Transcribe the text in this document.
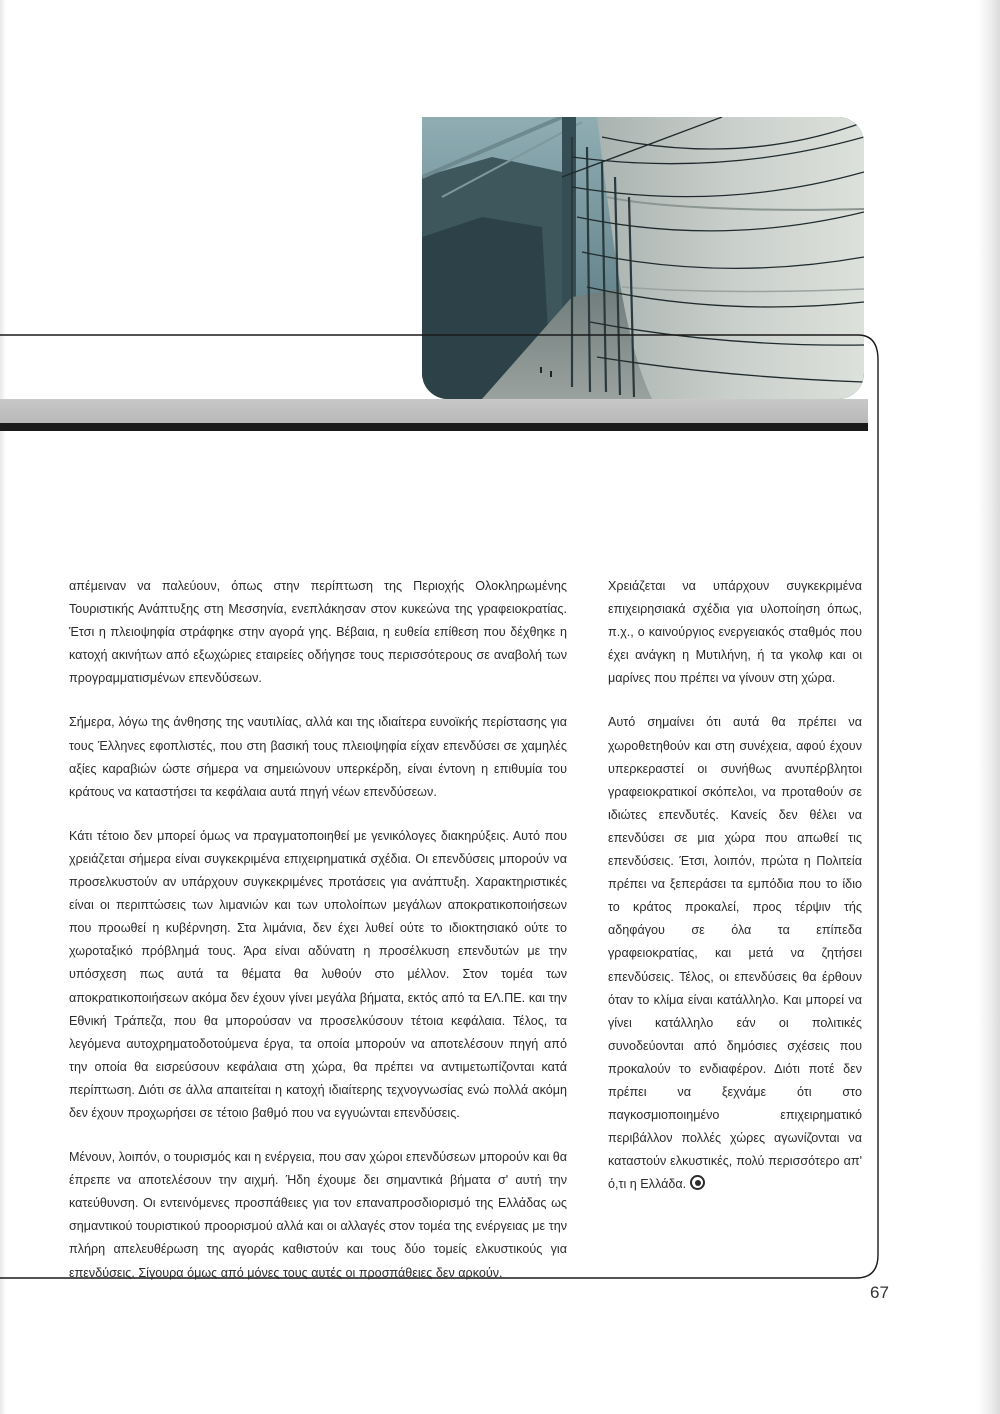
απέμειναν να παλεύουν, όπως στην περίπτωση της Περιοχής Ολοκληρωμένης Τουριστικής Ανάπτυξης στη Μεσσηνία, ενεπλάκησαν στον κυκεώνα της γραφειοκρατίας. Έτσι η πλειοψηφία στράφηκε στην αγορά γης. Βέβαια, η ευθεία επίθεση που δέχθηκε η κατοχή ακινήτων από εξωχώριες εταιρείες οδήγησε τους περισσότερους σε αναβολή των προγραμματισμένων επενδύσεων.

Σήμερα, λόγω της άνθησης της ναυτιλίας, αλλά και της ιδιαίτερα ευνοϊκής περίστασης για τους Έλληνες εφοπλιστές, που στη βασική τους πλειοψηφία είχαν επενδύσει σε χαμηλές αξίες καραβιών ώστε σήμερα να σημειώνουν υπερκέρδη, είναι έντονη η επιθυμία του κράτους να καταστήσει τα κεφάλαια αυτά πηγή νέων επενδύσεων.

Κάτι τέτοιο δεν μπορεί όμως να πραγματοποιηθεί με γενικόλογες διακηρύξεις. Αυτό που χρειάζεται σήμερα είναι συγκεκριμένα επιχειρηματικά σχέδια. Οι επενδύσεις μπορούν να προσελκυστούν αν υπάρχουν συγκεκριμένες προτάσεις για ανάπτυξη. Χαρακτηριστικές είναι οι περιπτώσεις των λιμανιών και των υπολοίπων μεγάλων αποκρατικοποιήσεων που προωθεί η κυβέρνηση. Στα λιμάνια, δεν έχει λυθεί ούτε το ιδιοκτησιακό ούτε το χωροταξικό πρόβλημά τους. Άρα είναι αδύνατη η προσέλκυση επενδυτών με την υπόσχεση πως αυτά τα θέματα θα λυθούν στο μέλλον. Στον τομέα των αποκρατικοποιήσεων ακόμα δεν έχουν γίνει μεγάλα βήματα, εκτός από τα ΕΛ.ΠΕ. και την Εθνική Τράπεζα, που θα μπορούσαν να προσελκύσουν τέτοια κεφάλαια. Τέλος, τα λεγόμενα αυτοχρηματοδοτούμενα έργα, τα οποία μπορούν να αποτελέσουν πηγή από την οποία θα εισρεύσουν κεφάλαια στη χώρα, θα πρέπει να αντιμετωπίζονται κατά περίπτωση. Διότι σε άλλα απαιτείται η κατοχή ιδιαίτερης τεχνογνωσίας ενώ πολλά ακόμη δεν έχουν προχωρήσει σε τέτοιο βαθμό που να εγγυώνται επενδύσεις.

Μένουν, λοιπόν, ο τουρισμός και η ενέργεια, που σαν χώροι επενδύσεων μπορούν και θα έπρεπε να αποτελέσουν την αιχμή. Ήδη έχουμε δει σημαντικά βήματα σ' αυτή την κατεύθυνση. Οι εντεινόμενες προσπάθειες για τον επαναπροσδιορισμό της Ελλάδας ως σημαντικού τουριστικού προορισμού αλλά και οι αλλαγές στον τομέα της ενέργειας με την πλήρη απελευθέρωση της αγοράς καθιστούν και τους δύο τομείς ελκυστικούς για επενδύσεις. Σίγουρα όμως από μόνες τους αυτές οι προσπάθειες δεν αρκούν.

Χρειάζεται να υπάρχουν συγκεκριμένα επιχειρησιακά σχέδια για υλοποίηση όπως, π.χ., ο καινούργιος ενεργειακός σταθμός που έχει ανάγκη η Μυτιλήνη, ή τα γκολφ και οι μαρίνες που πρέπει να γίνουν στη χώρα.

Αυτό σημαίνει ότι αυτά θα πρέπει να χωροθετηθούν και στη συνέχεια, αφού έχουν υπερκεραστεί οι συνήθως ανυπέρβλητοι γραφειοκρατικοί σκόπελοι, να προταθούν σε ιδιώτες επενδυτές. Κανείς δεν θέλει να επενδύσει σε μια χώρα που απωθεί τις επενδύσεις. Έτσι, λοιπόν, πρώτα η Πολιτεία πρέπει να ξεπεράσει τα εμπόδια που το ίδιο το κράτος προκαλεί, προς τέρψιν τής αδηφάγου σε όλα τα επίπεδα γραφειοκρατίας, και μετά να ζητήσει επενδύσεις. Τέλος, οι επενδύσεις θα έρθουν όταν το κλίμα είναι κατάλληλο. Και μπορεί να γίνει κατάλληλο εάν οι πολιτικές συνοδεύονται από δημόσιες σχέσεις που προκαλούν το ενδιαφέρον. Διότι ποτέ δεν πρέπει να ξεχνάμε ότι στο παγκοσμιοποιημένο επιχειρηματικό περιβάλλον πολλές χώρες αγωνίζονται να καταστούν ελκυστικές, πολύ περισσότερο απ' ό,τι η Ελλάδα.

67
